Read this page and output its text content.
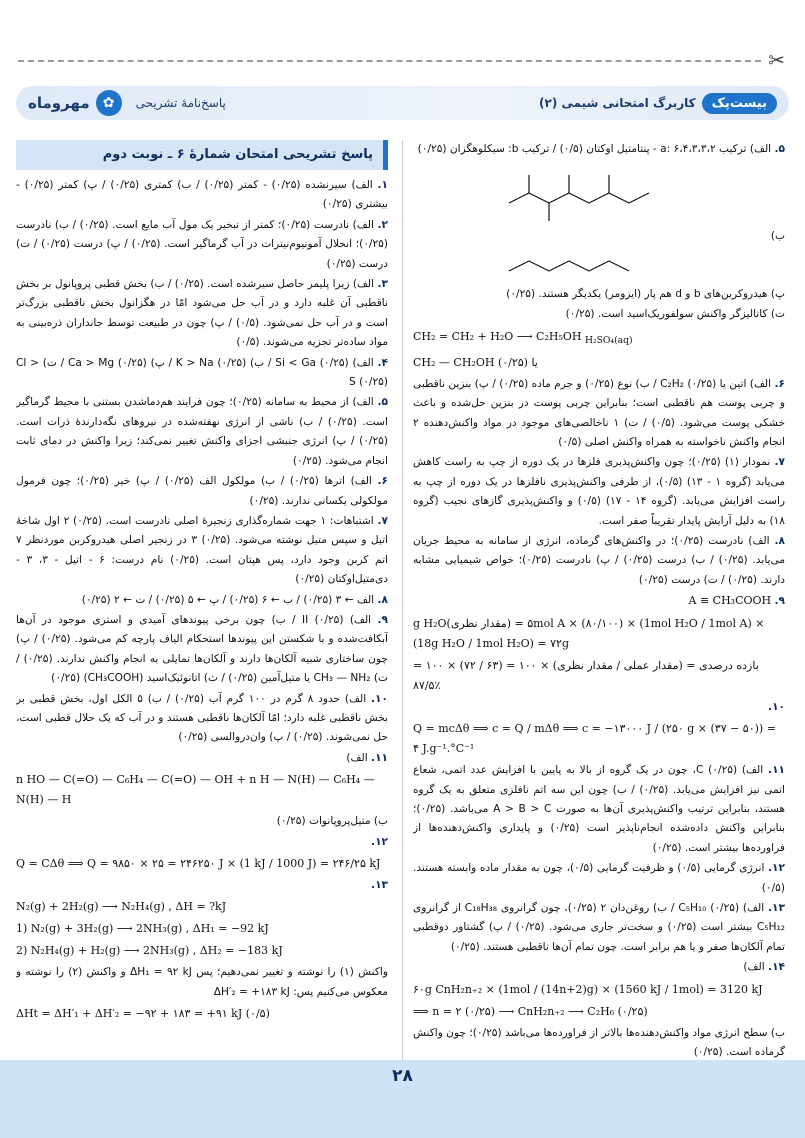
✂
بیست‌پک
کاربرگ امتحانی شیمی (۲)
پاسخ‌نامهٔ تشریحی
✿
مهروماه
۵. الف) ترکیب a: ۶،۴،۳،۳،۲ - پنتامتیل اوکتان (۰/۵) / ترکیب b: سیکلوهگزان (۰/۲۵)
ب)
پ) هیدروکربن‌های b و d هم پار (ایزومر) یکدیگر هستند. (۰/۲۵)
ت) کاتالیزگر واکنش سولفوریک‌اسید است. (۰/۲۵)
CH₂ = CH₂ + H₂O ⟶ C₂H₅OH $_{H_2SO_4(aq)}$
CH₂ — CH₂OH (۰/۲۵) یا
۶. الف) اتین یا C₂H₂ (۰/۲۵) / ب) نوع (۰/۲۵) و جرم ماده (۰/۲۵) / پ) بنزین ناقطبی و چربی پوست هم ناقطبی است؛ بنابراین چربی پوست در بنزین حل‌شده و باعث خشکی پوست می‌شود. (۰/۵) / ت) ۱ ناخالصی‌های موجود در مواد واکنش‌دهنده ۲ انجام واکنش ناخواسته به همراه واکنش اصلی (۰/۵)
۷. نمودار (۱) (۰/۲۵)؛ چون واکنش‌پذیری فلزها در یک دوره از چپ به راست کاهش می‌یابد (گروه ۱ - ۱۳) (۰/۵)، از طرفی واکنش‌پذیری نافلزها در یک دوره از چپ به راست افزایش می‌یابد. (گروه ۱۴ - ۱۷) (۰/۵) و واکنش‌پذیری گازهای نجیب (گروه ۱۸) به دلیل آرایش پایدار تقریباً صفر است.
۸. الف) نادرست (۰/۲۵)؛ در واکنش‌های گرماده، انرژی از سامانه به محیط جریان می‌یابد. (۰/۲۵) / ب) درست (۰/۲۵) / پ) نادرست (۰/۲۵)؛ خواص شیمیایی مشابه دارند. (۰/۲۵) / ت) درست (۰/۲۵)
۹. A ≡ CH₃COOH
g H₂O(مقدار نظری) = ۵mol A × (۸۰/۱۰۰) × (1mol H₂O / 1mol A) × (18g H₂O / 1mol H₂O) = ۷۲g
بازده درصدی = (مقدار عملی / مقدار نظری) × ۱۰۰ = (۶۳ / ۷۲) × ۱۰۰ = ۸۷/۵٪
۱۰.
Q = mcΔθ ⟹ c = Q / mΔθ ⟹ c = −۱۳۰۰۰ J / (۲۵۰ g × (۳۷ − ۵۰)) = ۴ J.g⁻¹.°C⁻¹
۱۱. الف) C (۰/۲۵)، چون در یک گروه از بالا به پایین با افزایش عدد اتمی، شعاع اتمی نیز افزایش می‌یابد. (۰/۲۵) / ب) چون این سه اتم نافلزی متعلق به یک گروه هستند، بنابراین ترتیب واکنش‌پذیری آن‌ها به صورت A > B > C می‌باشد. (۰/۲۵)؛ بنابراین واکنش داده‌شده انجام‌ناپذیر است (۰/۲۵) و پایداری واکنش‌دهنده‌ها از فراورده‌ها بیشتر است. (۰/۲۵)
۱۲. انرژی گرمایی (۰/۵) و ظرفیت گرمایی (۰/۵)، چون به مقدار ماده وابسته هستند. (۰/۵)
۱۳. الف) C₅H₁₀ (۰/۲۵) / ب) روغن‌دان ۲ (۰/۲۵)، چون گرانروی C₁₈H₃₈ از گرانروی C₅H₁₂ بیشتر است (۰/۲۵) و سخت‌تر جاری می‌شود. (۰/۲۵) / پ) گشتاور دوقطبی تمام آلکان‌ها صفر و یا هم برابر است. چون تمام آن‌ها ناقطبی هستند. (۰/۲۵)
۱۴. الف)
۶۰g CnH₂n₊₂ × (1mol / (14n+2)g) × (1560 kJ / 1mol) = 3120 kJ
⟹ n = ۲ (۰/۲۵) ⟶ CnH₂n₊₂ ⟶ C₂H₆ (۰/۲۵)
ب) سطح انرژی مواد واکنش‌دهنده‌ها بالاتر از فراورده‌ها می‌باشد (۰/۲۵)؛ چون واکنش گرماده است. (۰/۲۵)
پاسخ تشریحی امتحان شمارهٔ ۶ ـ نوبت دوم
۱. الف) سیرنشده (۰/۲۵) - کمتر (۰/۲۵) / ب) کمتری (۰/۲۵) / پ) کمتر (۰/۲۵) - بیشتری (۰/۲۵)
۲. الف) نادرست (۰/۲۵)؛ کمتر از تبخیر یک مول آب مایع است. (۰/۲۵) / ب) نادرست (۰/۲۵)؛ انحلال آمونیوم‌نیترات در آب گرماگیر است. (۰/۲۵) / پ) درست (۰/۲۵) / ت) درست (۰/۲۵)
۳. الف) زیرا پلیمر حاصل سیرشده است. (۰/۲۵) / ب) بخش قطبی پروپانول بر بخش ناقطبی آن غلبه دارد و در آب حل می‌شود امّا در هگزانول بخش ناقطبی بزرگ‌تر است و در آب حل نمی‌شود. (۰/۵) / پ) چون در طبیعت توسط جانداران ذره‌بینی به مواد ساده‌تر تجزیه می‌شوند. (۰/۵)
۴. الف) Si < Ga (۰/۲۵) / ب) K > Na (۰/۲۵) / پ) Ca > Mg (۰/۲۵) / ت) Cl > S (۰/۲۵)
۵. الف) از محیط به سامانه (۰/۲۵)؛ چون فرایند هم‌دماشدن بستنی با محیط گرماگیر است. (۰/۲۵) / ب) ناشی از انرژی نهفته‌شده در نیروهای نگه‌دارندهٔ ذرات است. (۰/۲۵) / پ) انرژی جنبشی اجزای واکنش تغییر نمی‌کند؛ زیرا واکنش در دمای ثابت انجام می‌شود. (۰/۲۵)
۶. الف) اترها (۰/۲۵) / ب) مولکول الف (۰/۲۵) / پ) خیر (۰/۲۵)؛ چون فرمول مولکولی یکسانی ندارند. (۰/۲۵)
۷. اشتباهات: ۱ جهت شماره‌گذاری زنجیرهٔ اصلی نادرست است. (۰/۲۵) ۲ اول شاخهٔ اتیل و سپس متیل نوشته می‌شود. (۰/۲۵) ۳ در زنجیر اصلی هیدروکربن موردنظر ۷ اتم کربن وجود دارد، پس هپتان است. (۰/۲۵) نام درست: ۶ - اتیل - ۳، ۳ - دی‌متیل‌اوکتان (۰/۲۵)
۸. الف ← ۳ (۰/۲۵) / ب ← ۶ (۰/۲۵) / پ ← ۵ (۰/۲۵) / ت ← ۲ (۰/۲۵)
۹. الف) II (۰/۲۵) / ب) چون برخی پیوندهای آمیدی و استری موجود در آن‌ها آبکافت‌شده و با شکستن این پیوندها استحکام الیاف پارچه کم می‌شود. (۰/۲۵) / پ) چون ساختاری شبیه آلکان‌ها دارند و آلکان‌ها تمایلی به انجام واکنش ندارند. (۰/۲۵) / ت) CH₃ — NH₂ یا متیل‌آمین (۰/۲۵) / ث) اتانوئیک‌اسید (CH₃COOH) (۰/۲۵)
۱۰. الف) حدود ۸ گرم در ۱۰۰ گرم آب (۰/۲۵) / ب) ۵ الکل اول، بخش قطبی بر بخش ناقطبی غلبه دارد؛ امّا آلکان‌ها ناقطبی هستند و در آب که یک حلال قطبی است، حل نمی‌شوند. (۰/۲۵) / پ) وان‌دروالسی (۰/۲۵)
۱۱. الف)
n HO — C(=O) — C₆H₄ — C(=O) — OH + n H — N(H) — C₆H₄ — N(H) — H
ب) متیل‌پروپانوات (۰/۲۵)
۱۲.
Q = CΔθ ⟹ Q = ۹۸۵۰ × ۲۵ = ۲۴۶۲۵۰ J × (1 kJ / 1000 J) = ۲۴۶/۲۵ kJ
۱۳.
N₂(g) + 2H₂(g) ⟶ N₂H₄(g) , ΔH = ?kJ
1) N₂(g) + 3H₂(g) ⟶ 2NH₃(g) , ΔH₁ = −92 kJ
2) N₂H₄(g) + H₂(g) ⟶ 2NH₃(g) , ΔH₂ = −183 kJ
واکنش (۱) را نوشته و تغییر نمی‌دهیم؛ پس ΔH₁ = ۹۲ kJ و واکنش (۲) را نوشته و معکوس می‌کنیم پس: ΔH′₂ = +۱۸۳ kJ
ΔHt = ΔH′₁ + ΔH′₂ = −۹۲ + ۱۸۳ = +۹۱ kJ (۰/۵)
۲۸
